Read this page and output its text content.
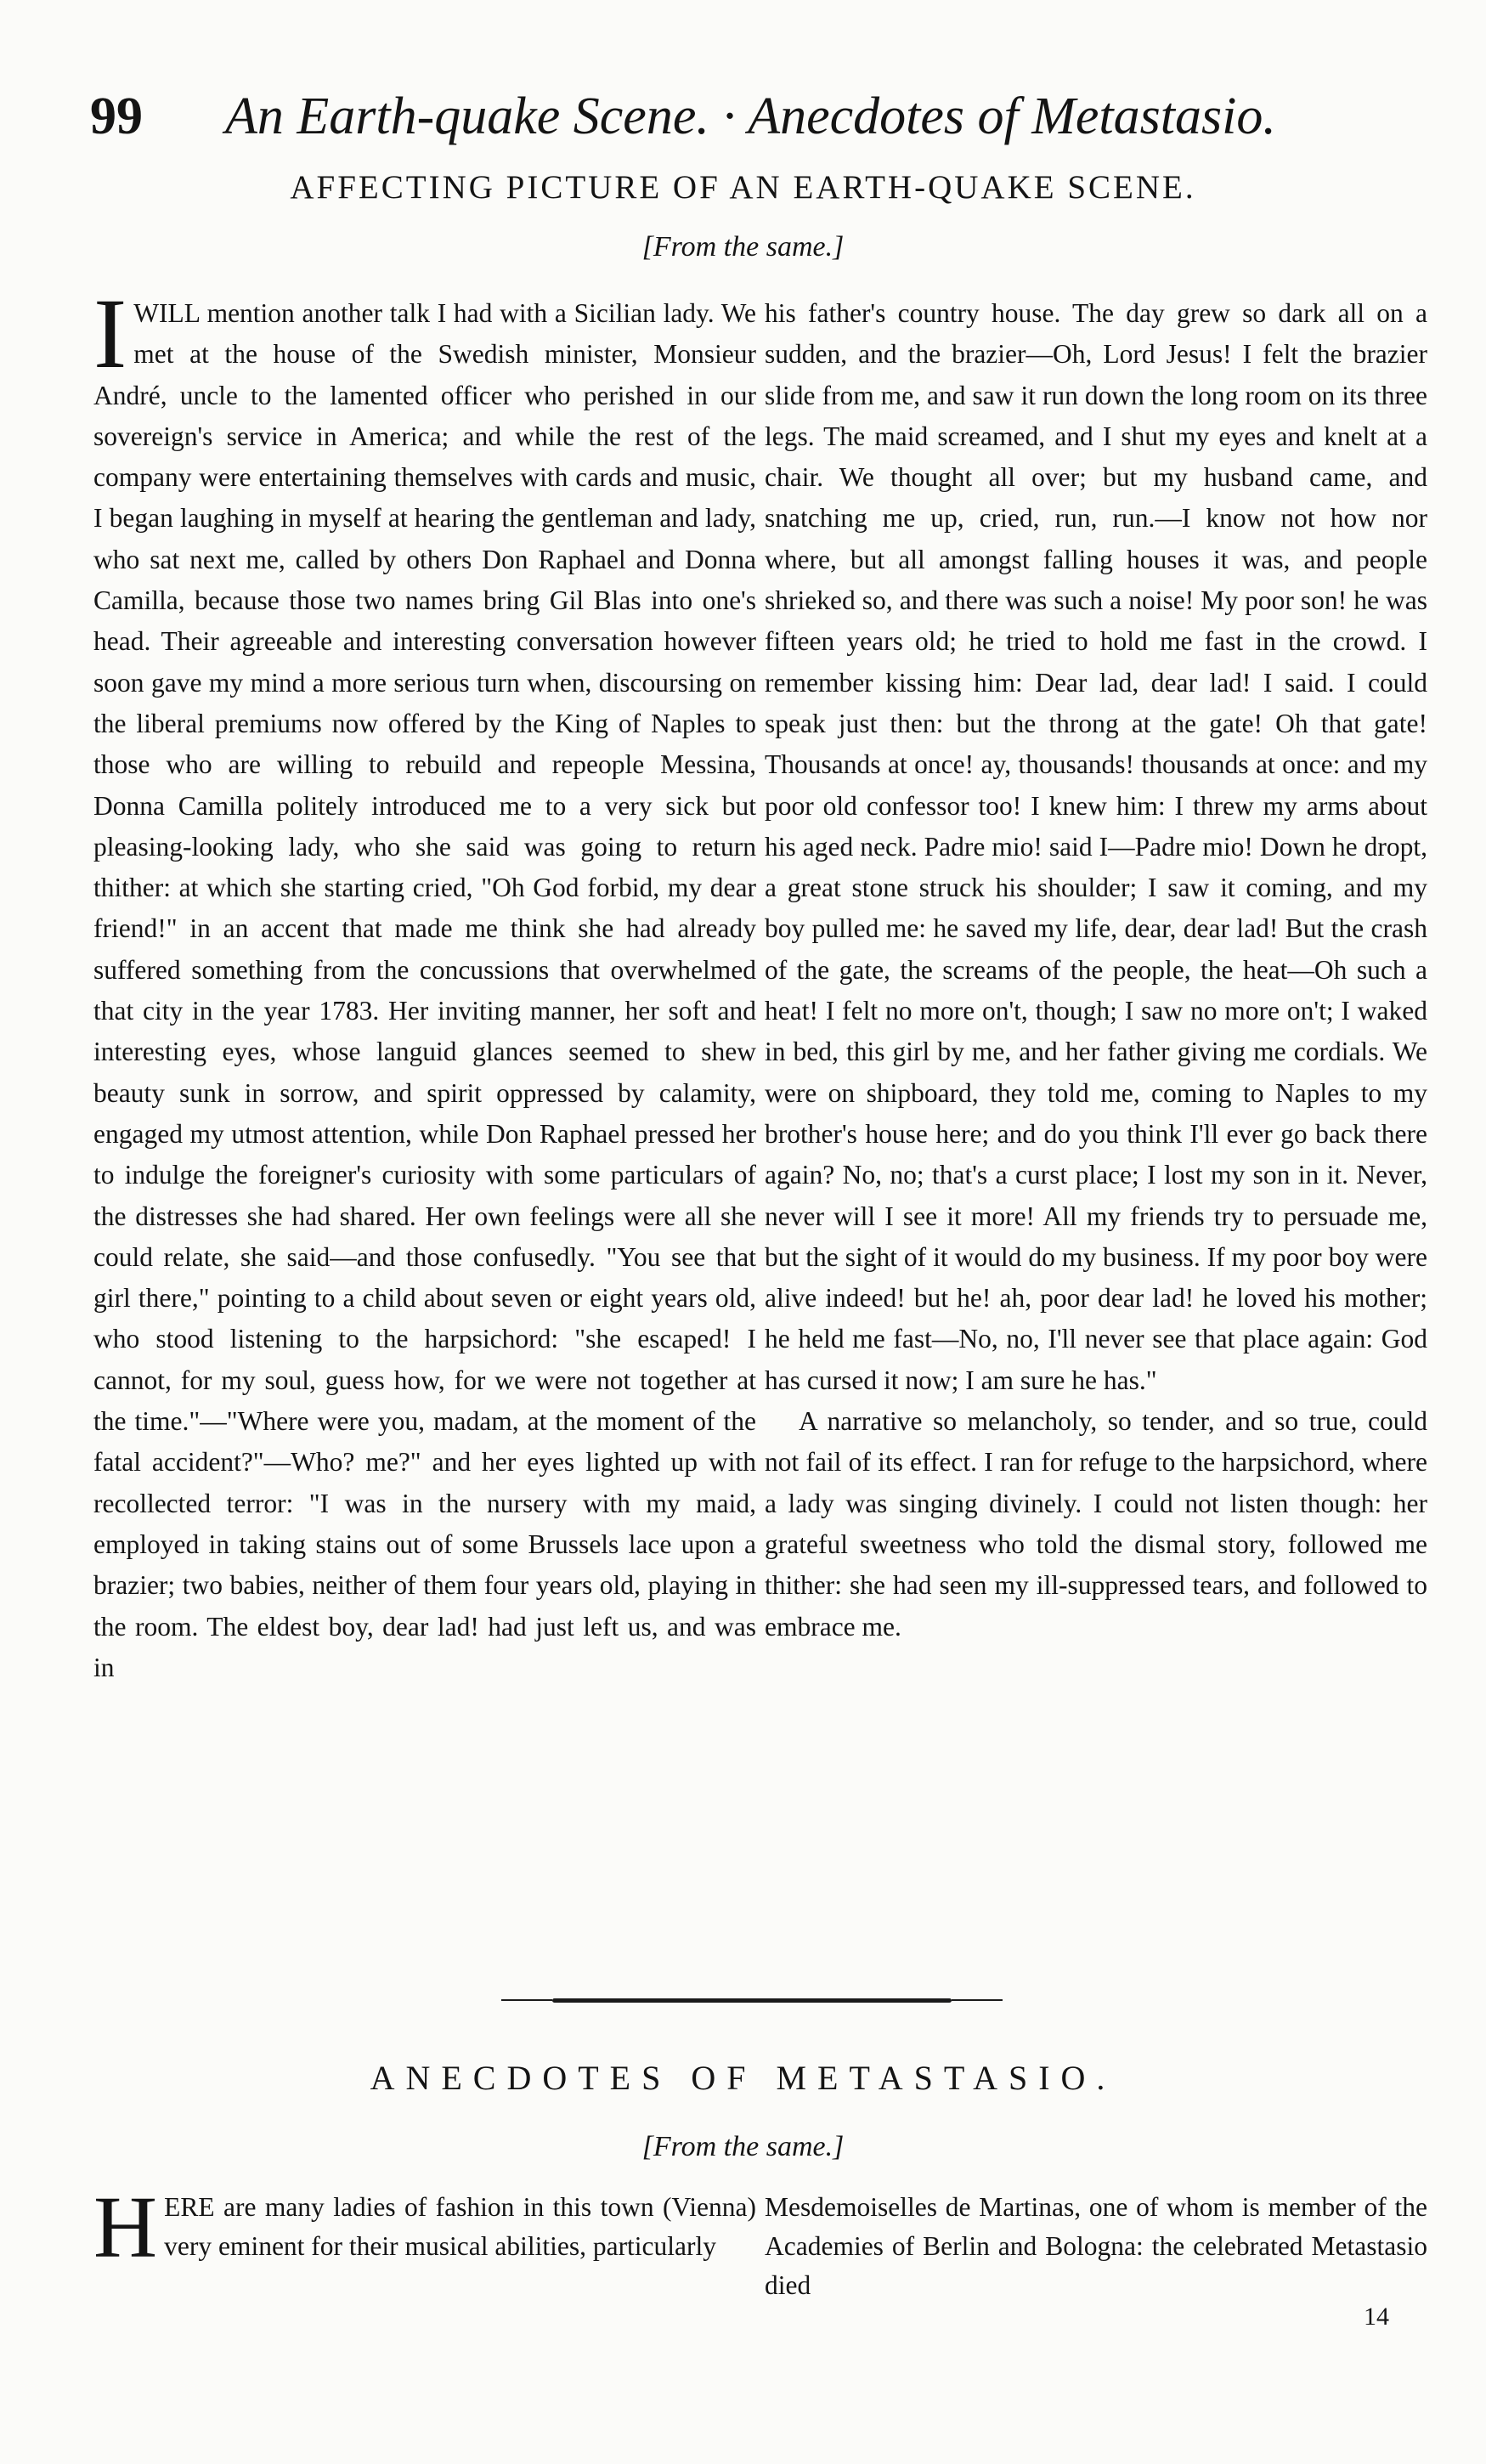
99 An Earth-quake Scene. · Anecdotes of Metastasio.
AFFECTING PICTURE OF AN EARTH-QUAKE SCENE.
[From the same.]

IWILL mention another talk I had with a Sicilian lady. We met at the house of the Swedish minister, Monsieur André, uncle to the lamented officer who perished in our sovereign's service in America; and while the rest of the company were entertaining themselves with cards and music, I began laughing in myself at hearing the gentleman and lady, who sat next me, called by others Don Raphael and Donna Camilla, because those two names bring Gil Blas into one's head. Their agreeable and interesting conversation however soon gave my mind a more serious turn when, discoursing on the liberal premiums now offered by the King of Naples to those who are willing to rebuild and repeople Messina, Donna Camilla politely introduced me to a very sick but pleasing-looking lady, who she said was going to return thither: at which she starting cried, "Oh God forbid, my dear friend!" in an accent that made me think she had already suffered something from the concussions that overwhelmed that city in the year 1783. Her inviting manner, her soft and interesting eyes, whose languid glances seemed to shew beauty sunk in sorrow, and spirit oppressed by calamity, engaged my utmost attention, while Don Raphael pressed her to indulge the foreigner's curiosity with some particulars of the distresses she had shared. Her own feelings were all she could relate, she said—and those confusedly. "You see that girl there," pointing to a child about seven or eight years old, who stood listening to the harpsichord: "she escaped! I cannot, for my soul, guess how, for we were not together at the time."—"Where were you, madam, at the moment of the fatal accident?"—Who? me?" and her eyes lighted up with recollected terror: "I was in the nursery with my maid, employed in taking stains out of some Brussels lace upon a brazier; two babies, neither of them four years old, playing in the room. The eldest boy, dear lad! had just left us, and was in

his father's country house. The day grew so dark all on a sudden, and the brazier—Oh, Lord Jesus! I felt the brazier slide from me, and saw it run down the long room on its three legs. The maid screamed, and I shut my eyes and knelt at a chair. We thought all over; but my husband came, and snatching me up, cried, run, run.—I know not how nor where, but all amongst falling houses it was, and people shrieked so, and there was such a noise! My poor son! he was fifteen years old; he tried to hold me fast in the crowd. I remember kissing him: Dear lad, dear lad! I said. I could speak just then: but the throng at the gate! Oh that gate! Thousands at once! ay, thousands! thousands at once: and my poor old confessor too! I knew him: I threw my arms about his aged neck. Padre mio! said I—Padre mio! Down he dropt, a great stone struck his shoulder; I saw it coming, and my boy pulled me: he saved my life, dear, dear lad! But the crash of the gate, the screams of the people, the heat—Oh such a heat! I felt no more on't, though; I saw no more on't; I waked in bed, this girl by me, and her father giving me cordials. We were on shipboard, they told me, coming to Naples to my brother's house here; and do you think I'll ever go back there again? No, no; that's a curst place; I lost my son in it. Never, never will I see it more! All my friends try to persuade me, but the sight of it would do my business. If my poor boy were alive indeed! but he! ah, poor dear lad! he loved his mother; he held me fast—No, no, I'll never see that place again: God has cursed it now; I am sure he has."

A narrative so melancholy, so tender, and so true, could not fail of its effect. I ran for refuge to the harpsichord, where a lady was singing divinely. I could not listen though: her grateful sweetness who told the dismal story, followed me thither: she had seen my ill-suppressed tears, and followed to embrace me.

ANECDOTES OF METASTASIO.
[From the same.]

HERE are many ladies of fashion in this town (Vienna) very eminent for their musical abilities, particularly

Mesdemoiselles de Martinas, one of whom is member of the Academies of Berlin and Bologna: the celebrated Metastasio died

14
